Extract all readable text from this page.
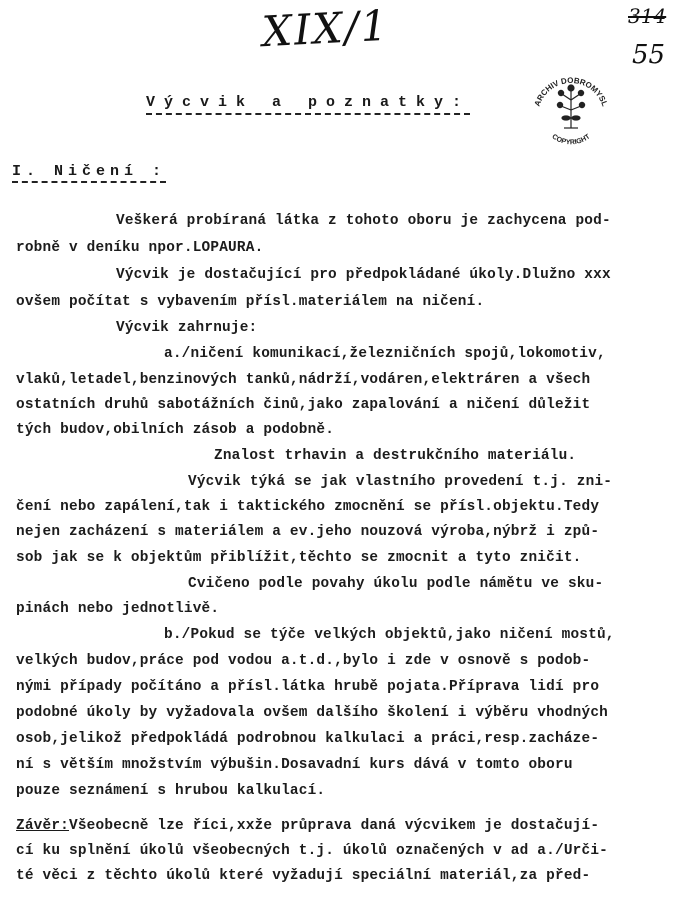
XIX/1	314
55
ARCHIV DOBROMYSL
COPYRIGHT
Výcvik a poznatky:
I. Ničení :
Veškerá probíraná látka z tohoto oboru je zachycena pod-
robně v deníku npor.LOPAURA.
Výcvik je dostačující pro předpokládané úkoly.Dlužno xxx
ovšem počítat s vybavením přísl.materiálem na ničení.
Výcvik zahrnuje:
a./ničení komunikací,železničních spojů,lokomotiv,
vlaků,letadel,benzinových tanků,nádrží,vodáren,elektráren a všech
ostatních druhů sabotážních činů,jako zapalování a ničení důležit
tých budov,obilních zásob a podobně.
Znalost trhavin a destrukčního materiálu.
Výcvik týká se jak vlastního provedení t.j. zni-
čení nebo zapálení,tak i taktického zmocnění se přísl.objektu.Tedy
nejen zacházení s materiálem a ev.jeho nouzová výroba,nýbrž i způ-
sob jak se k objektům přiblížit,těchto se zmocnit a tyto zničit.
Cvičeno podle povahy úkolu podle námětu ve sku-
pinách nebo jednotlivě.
b./Pokud se týče velkých objektů,jako ničení mostů,
velkých budov,práce pod vodou a.t.d.,bylo i zde v osnově s podob-
nými případy počítáno a přísl.látka hrubě pojata.Příprava lidí pro
podobné úkoly by vyžadovala ovšem dalšího školení i výběru vhodných
osob,jelikož předpokládá podrobnou kalkulaci a práci,resp.zacháze-
ní s větším množstvím výbušin.Dosavadní kurs dává v tomto oboru
pouze seznámení s hrubou kalkulací.
Závěr:Všeobecně lze říci,xxže průprava daná výcvikem je dostačují-
cí ku splnění úkolů všeobecných t.j. úkolů označených v ad a./Urči-
té věci z těchto úkolů které vyžadují speciální materiál,za před-
